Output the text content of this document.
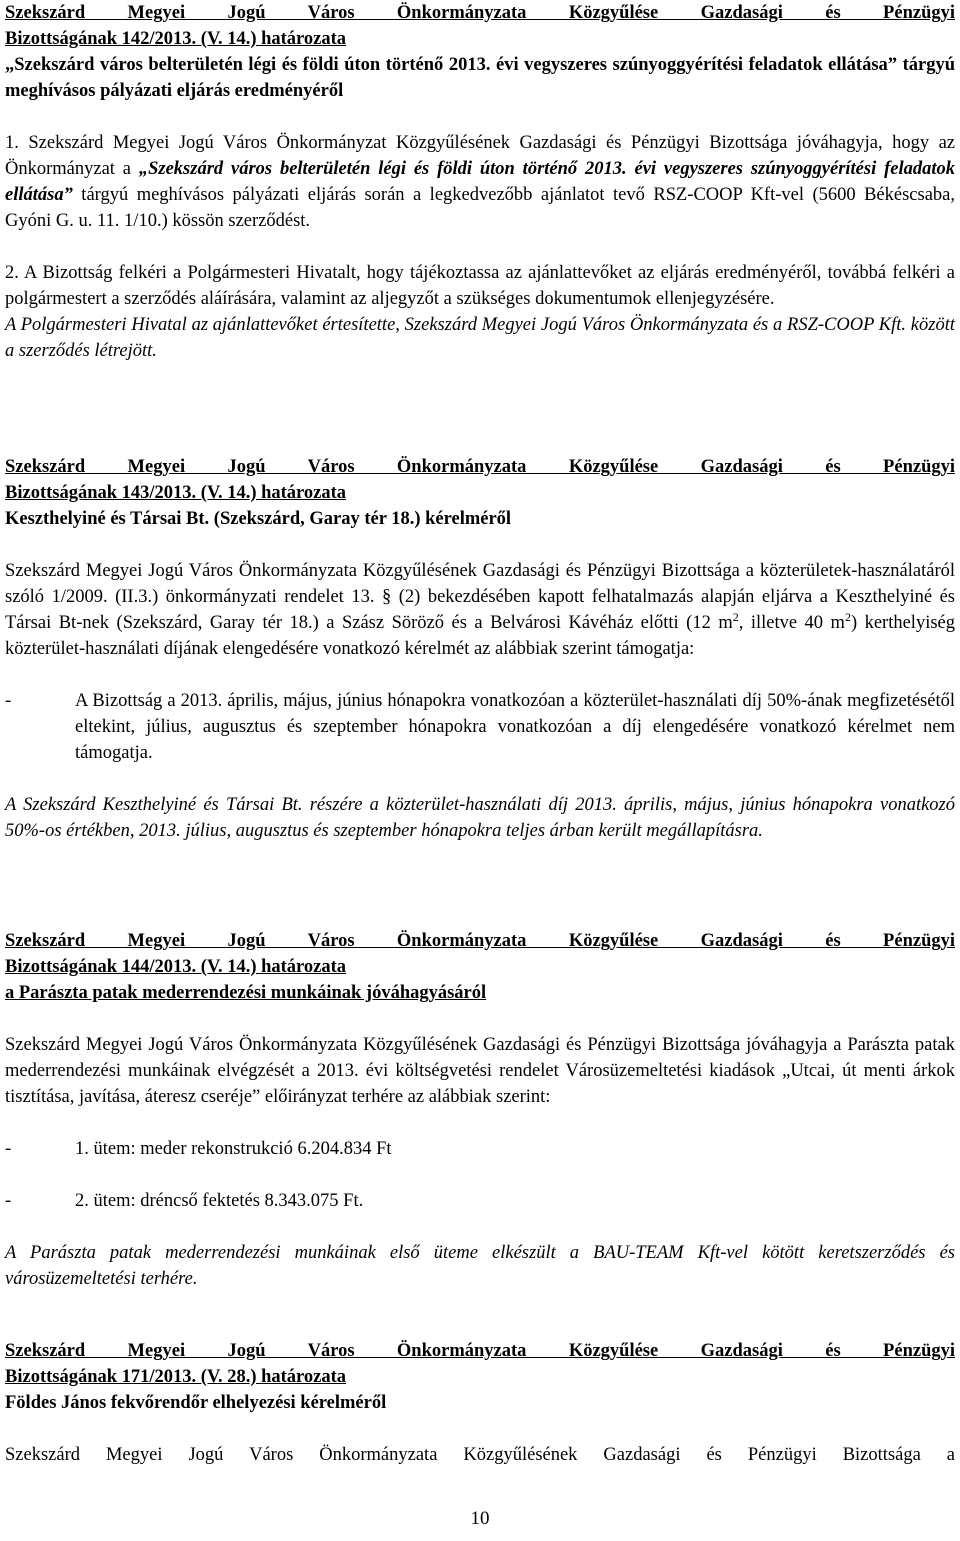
Szekszárd Megyei Jogú Város Önkormányzata Közgyűlése Gazdasági és Pénzügyi

Bizottságának 142/2013. (V. 14.) határozata

„Szekszárd város belterületén légi és földi úton történő 2013. évi vegyszeres szúnyoggyérítési feladatok ellátása” tárgyú meghívásos pályázati eljárás eredményéről

1. Szekszárd Megyei Jogú Város Önkormányzat Közgyűlésének Gazdasági és Pénzügyi Bizottsága jóváhagyja, hogy az Önkormányzat a „Szekszárd város belterületén légi és földi úton történő 2013. évi vegyszeres szúnyoggyérítési feladatok ellátása” tárgyú meghívásos pályázati eljárás során a legkedvezőbb ajánlatot tevő RSZ-COOP Kft-vel (5600 Békéscsaba, Gyóni G. u. 11. 1/10.) kössön szerződést.

2. A Bizottság felkéri a Polgármesteri Hivatalt, hogy tájékoztassa az ajánlattevőket az eljárás eredményéről, továbbá felkéri a polgármestert a szerződés aláírására, valamint az aljegyzőt a szükséges dokumentumok ellenjegyzésére.

A Polgármesteri Hivatal az ajánlattevőket értesítette, Szekszárd Megyei Jogú Város Önkormányzata és a RSZ-COOP Kft. között a szerződés létrejött.

Szekszárd Megyei Jogú Város Önkormányzata Közgyűlése Gazdasági és Pénzügyi

Bizottságának 143/2013. (V. 14.) határozata

Keszthelyiné és Társai Bt. (Szekszárd, Garay tér 18.) kérelméről

Szekszárd Megyei Jogú Város Önkormányzata Közgyűlésének Gazdasági és Pénzügyi Bizottsága a közterületek-használatáról szóló 1/2009. (II.3.) önkormányzati rendelet 13. § (2) bekezdésében kapott felhatalmazás alapján eljárva a Keszthelyiné és Társai Bt-nek (Szekszárd, Garay tér 18.) a Szász Söröző és a Belvárosi Kávéház előtti (12 $m^2$, illetve 40 $m^2$) kerthelyiség közterület-használati díjának elengedésére vonatkozó kérelmét az alábbiak szerint támogatja:

-	A Bizottság a 2013. április, május, június hónapokra vonatkozóan a közterület-használati díj 50%-ának megfizetésétől eltekint, július, augusztus és szeptember hónapokra vonatkozóan a díj elengedésére vonatkozó kérelmet nem támogatja.

A Szekszárd Keszthelyiné és Társai Bt. részére a közterület-használati díj 2013. április, május, június hónapokra vonatkozó 50%-os értékben, 2013. július, augusztus és szeptember hónapokra teljes árban került megállapításra.

Szekszárd Megyei Jogú Város Önkormányzata Közgyűlése Gazdasági és Pénzügyi

Bizottságának 144/2013. (V. 14.) határozata

a Parászta patak mederrendezési munkáinak jóváhagyásáról

Szekszárd Megyei Jogú Város Önkormányzata Közgyűlésének Gazdasági és Pénzügyi Bizottsága jóváhagyja a Parászta patak mederrendezési munkáinak elvégzését a 2013. évi költségvetési rendelet Városüzemeltetési kiadások „Utcai, út menti árkok tisztítása, javítása, áteresz cseréje” előirányzat terhére az alábbiak szerint:

-	1. ütem: meder rekonstrukció 6.204.834 Ft
-	2. ütem: dréncső fektetés 8.343.075 Ft.

A Parászta patak mederrendezési munkáinak első üteme elkészült a BAU-TEAM Kft-vel kötött keretszerződés és városüzemeltetési terhére.

Szekszárd Megyei Jogú Város Önkormányzata Közgyűlése Gazdasági és Pénzügyi

Bizottságának 171/2013. (V. 28.) határozata

Földes János fekvőrendőr elhelyezési kérelméről

Szekszárd Megyei Jogú Város Önkormányzata Közgyűlésének Gazdasági és Pénzügyi Bizottsága a

10
